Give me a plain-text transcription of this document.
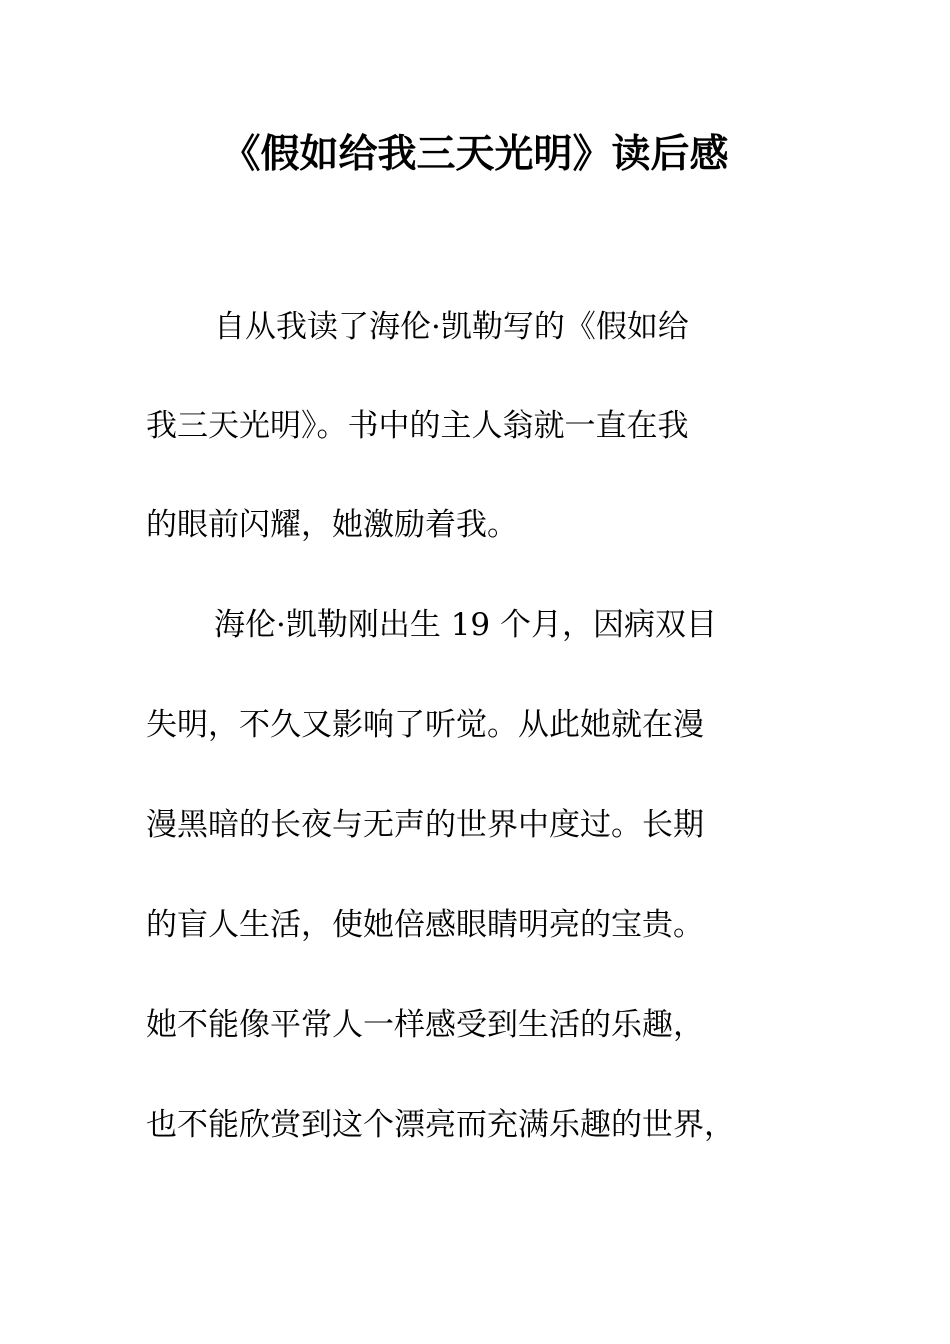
《假如给我三天光明》读后感
自从我读了海伦·凯勒写的《假如给
我三天光明》。书中的主人翁就一直在我
的眼前闪耀，她激励着我。
海伦·凯勒刚出生 19 个月，因病双目
失明，不久又影响了听觉。从此她就在漫
漫黑暗的长夜与无声的世界中度过。长期
的盲人生活，使她倍感眼睛明亮的宝贵。
她不能像平常人一样感受到生活的乐趣，
也不能欣赏到这个漂亮而充满乐趣的世界，
